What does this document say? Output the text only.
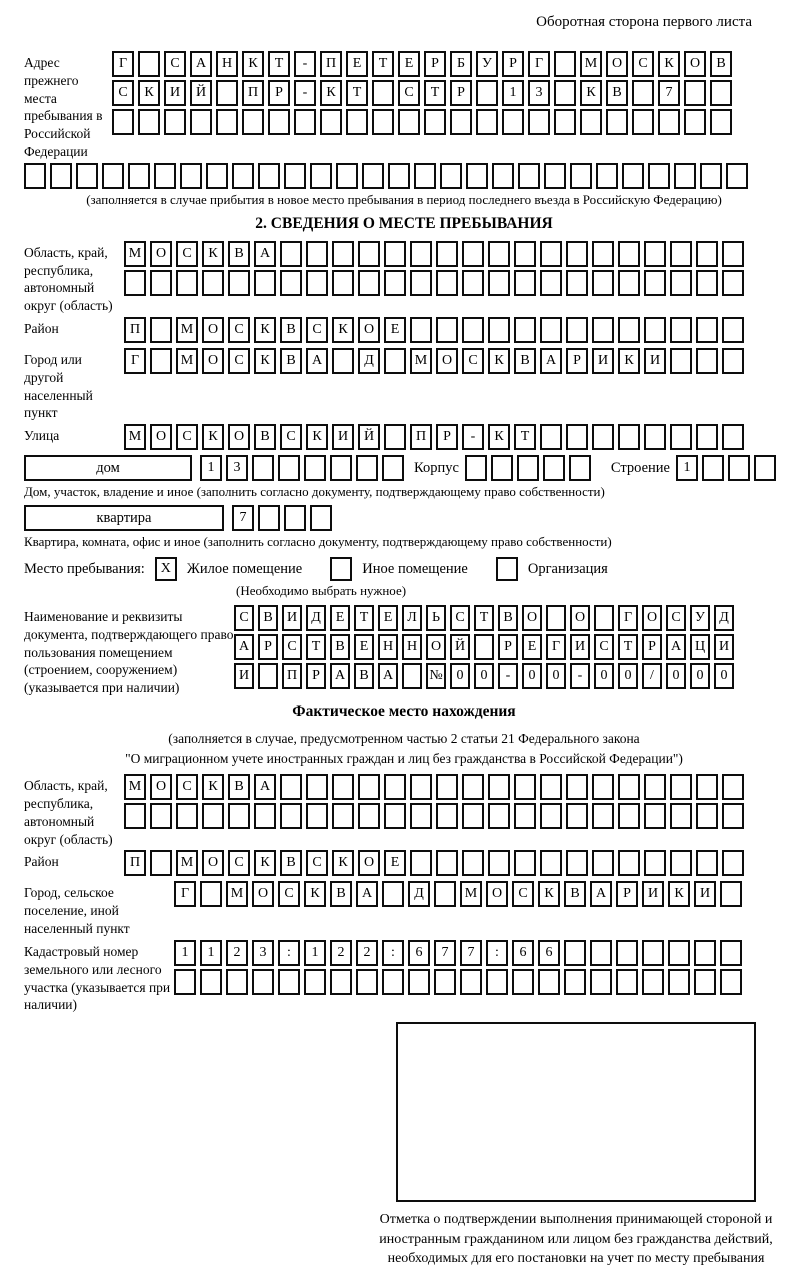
Оборотная сторона первого листа
Адрес прежнего места пребывания в Российской Федерации
Г	С	А	Н	К	Т	-	П	Е	Т	Е	Р	Б	У	Р	Г	М	О	С	К	О	В
С	К	И	Й	П	Р	-	К	Т	С	Т	Р	1	3	К	В	7
(заполняется в случае прибытия в новое место пребывания в период последнего въезда в Российскую Федерацию)
2. СВЕДЕНИЯ О МЕСТЕ ПРЕБЫВАНИЯ
Область, край, республика, автономный округ (область)
М	О	С	К	В	А
Район	П	М	О	С	К	В	С	К	О	Е
Город или другой населенный пункт
Г	М	О	С	К	В	А	Д	М	О	С	К	В	А	Р	И	К	И
Улица	М	О	С	К	О	В	С	К	И	Й	П	Р	-	К	Т
дом	1	3	Корпус	Строение 1
Дом, участок, владение и иное (заполнить согласно документу, подтверждающему право собственности)
квартира	7
Квартира, комната, офис и иное (заполнить согласно документу, подтверждающему право собственности)
Место пребывания:	X	Жилое помещение	Иное помещение	Организация
(Необходимо выбрать нужное)
Наименование и реквизиты документа, подтверждающего право пользования помещением (строением, сооружением) (указывается при наличии)
С	В	И	Д	Е	Т	Е	Л	Ь	С	Т	В	О	О	Г	О	С	У	Д
А	Р	С	Т	В	Е	Н Н О Й	Р	Е	Г	И	С	Т	Р	А Ц И
И	П	Р	А	В	А	№ 0	0	-	0	0	-	0	0	/	0	0	0
Фактическое место нахождения
(заполняется в случае, предусмотренном частью 2 статьи 21 Федерального закона
"О миграционном учете иностранных граждан и лиц без гражданства в Российской Федерации")
Область, край, республика, автономный округ (область)
М	О	С	К	В	А
Район	П	М	О	С	К	В	С	К	О	Е
Город, сельское поселение, иной населенный пункт
Г	М	О	С	К	В	А	Д	М	О	С	К	В	А	Р	И	К	И
Кадастровый номер земельного или лесного участка (указывается при наличии)
1	1	2	3	:	1	2	2	:	6	7	7	:	6	6
Отметка о подтверждении выполнения принимающей стороной и иностранным гражданином или лицом без гражданства действий, необходимых для его постановки на учет по месту пребывания
